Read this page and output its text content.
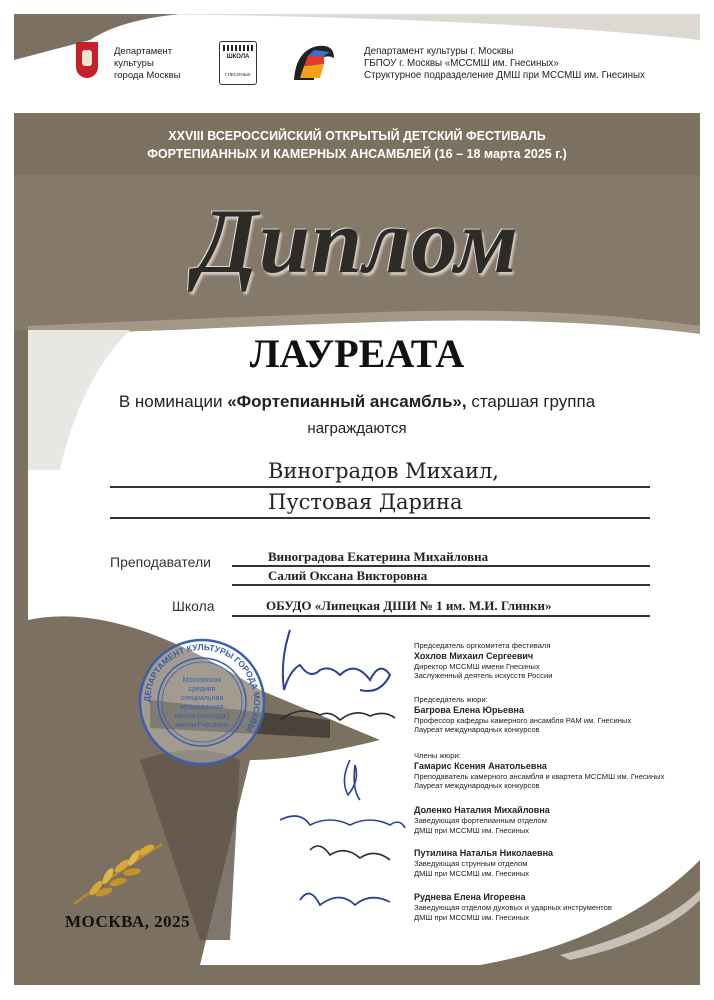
Департамент
культуры
города Москвы
ШКОЛА
ГНЕСИНЫХ
Департамент культуры г. Москвы
ГБПОУ г. Москвы «МССМШ им. Гнесиных»
Структурное подразделение ДМШ при МССМШ им. Гнесиных
XXVIII ВСЕРОССИЙСКИЙ ОТКРЫТЫЙ ДЕТСКИЙ ФЕСТИВАЛЬ
ФОРТЕПИАННЫХ И КАМЕРНЫХ АНСАМБЛЕЙ (16 – 18 марта 2025 г.)
Диплом
ЛАУРЕАТА
В номинации «Фортепианный ансамбль», старшая группа
награждаются
Виноградов Михаил,
Пустовая Дарина
Преподаватели	Виноградова Екатерина Михайловна
Салий Оксана Викторовна
Школа	ОБУДО «Липецкая ДШИ № 1 им. М.И. Глинки»
ДЕПАРТАМЕНТ КУЛЬТУРЫ ГОРОДА МОСКВЫ
Московская
средняя
специальная
музыкальная
школа (колледж)
имени Гнесиных
Председатель оргкомитета фестиваля
Хохлов Михаил Сергеевич
Директор МССМШ имени Гнесиных
Заслуженный деятель искусств России
Председатель жюри:
Багрова Елена Юрьевна
Профессор кафедры камерного ансамбля РАМ им. Гнесиных
Лауреат международных конкурсов
Члены жюри:
Гамарис Ксения Анатольевна
Преподаватель камерного ансамбля и квартета МССМШ им. Гнесиных
Лауреат международных конкурсов
Доленко Наталия Михайловна
Заведующая фортепианным отделом
ДМШ при МССМШ им. Гнесиных
Путилина Наталья Николаевна
Заведующая струнным отделом
ДМШ при МССМШ им. Гнесиных
Руднева Елена Игоревна
Заведующая отделом духовых и ударных инструментов
ДМШ при МССМШ им. Гнесиных
МОСКВА, 2025
